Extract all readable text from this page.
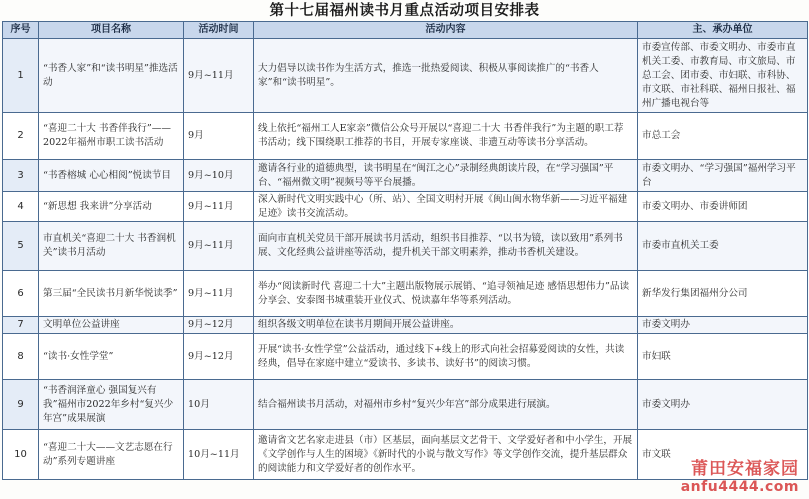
第十七届福州读书月重点活动项目安排表
序号	项目名称	活动时间	活动内容	主、承办单位
1	“书香人家”和“读书明星”推选活动	9月~11月	大力倡导以读书作为生活方式，推选一批热爱阅读、积极从事阅读推广的“书香人家”和“读书明星”。	市委宣传部、市委文明办、市委市直机关工委、市教育局、市文旅局、市总工会、团市委、市妇联、市科协、市文联、市社科联、福州日报社、福州广播电视台等
2	“喜迎二十大 书香伴我行”——2022年福州市职工读书活动	9月	线上依托“福州工人E家亲”微信公众号开展以“喜迎二十大 书香伴我行”为主题的职工荐书活动；线下围绕职工推荐的书目，开展专家座谈、非遗互动等读书分享活动。	市总工会
3	“书香榕城 心心相阅”悦读节目	9月~10月	邀请各行业的道德典型，读书明星在“闽江之心”录制经典朗读片段，在“学习强国”平台、“福州微文明”视频号等平台展播。	市委文明办、“学习强国”福州学习平台
4	“新思想 我来讲”分享活动	9月~11月	深入新时代文明实践中心（所、站）、全国文明村开展《闽山闽水物华新——习近平福建足迹》读书交流活动。	市委文明办、市委讲师团
5	市直机关“喜迎二十大 书香润机关”读书月活动	9月~11月	面向市直机关党员干部开展读书月活动，组织书目推荐、“以书为镜，读以致用”系列书展、文化经典公益讲座等活动，提升机关干部文明素养，推动书香机关建设。	市委市直机关工委
6	第三届“全民读书月新华悦读季”	9月~11月	举办“阅读新时代 喜迎二十大”主题出版物展示展销、“追寻领袖足迹 感悟思想伟力”品读分享会、安泰图书城重装开业仪式、悦读嘉年华等系列活动。	新华发行集团福州分公司
7	文明单位公益讲座	9月~12月	组织各级文明单位在读书月期间开展公益讲座。	市委文明办
8	“读书·女性学堂”	9月~12月	开展“读书·女性学堂”公益活动，通过线下+线上的形式向社会招募爱阅读的女性，共读经典，倡导在家庭中建立“爱读书、多读书、读好书”的阅读习惯。	市妇联
9	“书香润泽童心 强国复兴有我”福州市2022年乡村“复兴少年宫”成果展演	10月	结合福州读书月活动，对福州市乡村“复兴少年宫”部分成果进行展演。	市委文明办
10	“喜迎二十大——文艺志愿在行动”系列专题讲座	10月~11月	邀请省文艺名家走进县（市）区基层，面向基层文艺骨干、文学爱好者和中小学生，开展《文学创作与人生的困境》《新时代的小说与散文写作》等文学创作交流，提升基层群众的阅读能力和文学爱好者的创作水平。	市文联
莆田安福家园
anfu4444.com
